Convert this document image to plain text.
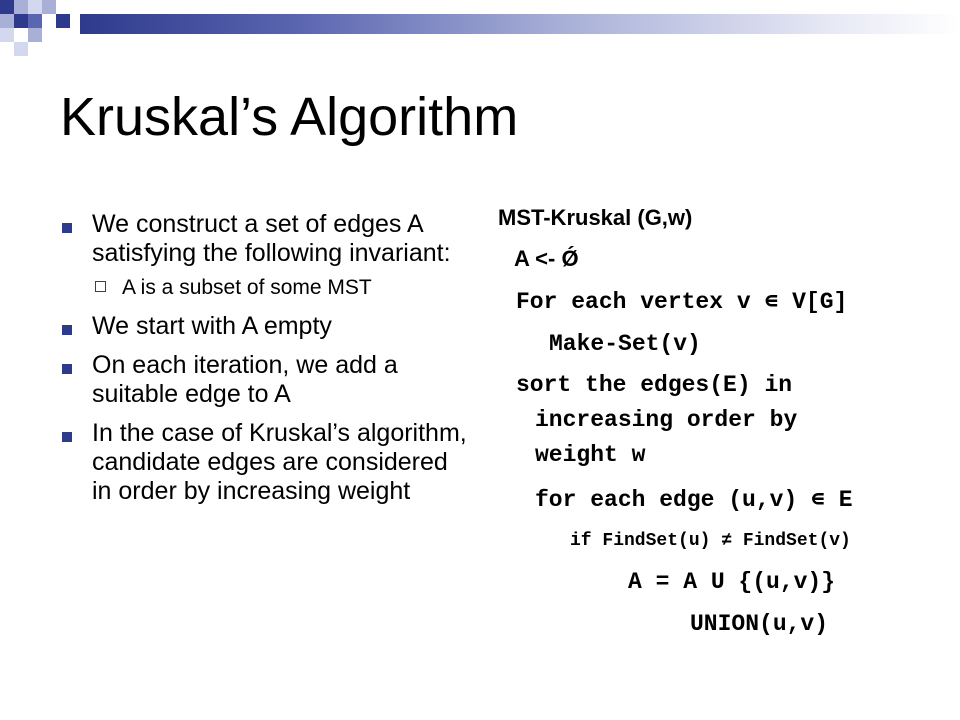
Kruskal’s Algorithm
We construct a set of edges A satisfying the following invariant:
A is a subset of some MST
We start with A empty
On each iteration, we add a suitable edge to A
In the case of Kruskal’s algorithm, candidate edges are considered in order by increasing weight
MST-Kruskal (G,w)
A <- Ǿ
For each vertex v ∊ V[G]
Make-Set(v)
sort the edges(E) in
increasing order by
weight w
for each edge (u,v) ∊ E
if FindSet(u) ≠ FindSet(v)
A = A U {(u,v)}
UNION(u,v)
